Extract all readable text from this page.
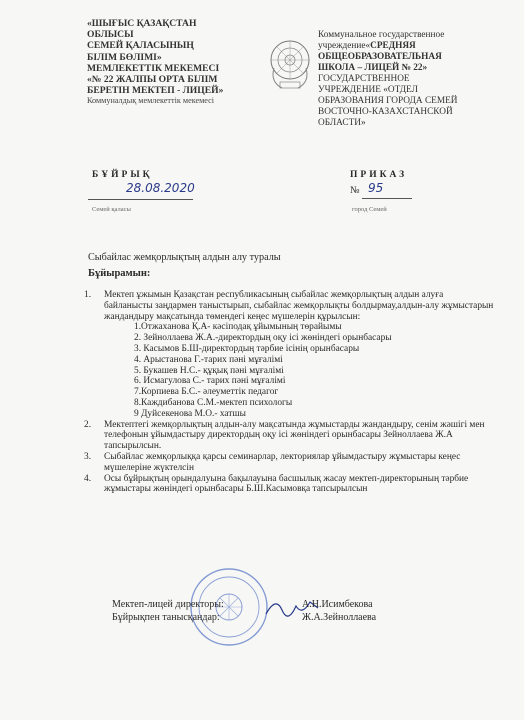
«ШЫҒЫС ҚАЗАҚСТАН
ОБЛЫСЫ
СЕМЕЙ ҚАЛАСЫНЫҢ
БІЛІМ БӨЛІМІ»
МЕМЛЕКЕТТІК МЕКЕМЕСІ
«№ 22 ЖАЛПЫ ОРТА БІЛІМ
БЕРЕТІН МЕКТЕП - ЛИЦЕЙ»
Коммуналдық мемлекеттік мекемесі
Коммунальное государственное учреждение«СРЕДНЯЯ
ОБЩЕОБРАЗОВАТЕЛЬНАЯ
ШКОЛА – ЛИЦЕЙ № 22»
ГОСУДАРСТВЕННОЕ
УЧРЕЖДЕНИЕ «ОТДЕЛ
ОБРАЗОВАНИЯ ГОРОДА СЕМЕЙ
ВОСТОЧНО-КАЗАХСТАНСКОЙ
ОБЛАСТИ»
БҰЙРЫҚ	ПРИКАЗ
28.08.2020	№ 95
Семей қаласы	город Семей
Сыбайлас жемқорлықтың алдын алу туралы
Бұйырамын:
1. Мектеп ұжымын Қазақстан республикасының сыбайлас жемқорлықтың алдын алуға байланысты заңдармен таныстырып, сыбайлас жемқорлықты болдырмау,алдын-алу жұмыстарын жандандыру мақсатында төмендегі кеңес мүшелерін құрылсын:
1.Отжаханова Қ.А- кәсіподақ ұйымының төрайымы
2. Зейноллаева Ж.А.-директордың оқу ісі жөніндегі орынбасары
3. Касымов Б.Ш-директордың тәрбие ісінің орынбасары
4. Арыстанова Г.-тарих пәні мұғалімі
5. Букашев Н.С.- құқық пәні мұғалімі
6. Исмагулова С.- тарих пәні мұғалімі
7.Корпиева Б.С.- әлеуметтік педагог
8.Каждибанова С.М.-мектеп психологы
9 Дуйсекенова М.О.- хатшы
2. Мектептегі жемқорлықтың алдын-алу мақсатында жұмыстарды жандандыру, сенім жәшігі мен телефонын ұйымдастыру директордың оқу ісі жөніндегі орынбасары Зейноллаева Ж.А тапсырылсын.
3. Сыбайлас жемқорлыққа қарсы семинарлар, лекториялар ұйымдастыру жұмыстары кеңес мүшелеріне жүктелсін
4. Осы бұйрықтың орындалуына бақылауына басшылық жасау мектеп-директорының тәрбие жұмыстары жөніндегі орынбасары Б.Ш.Касымовқа тапсырылсын
Мектеп-лицей директоры:	А.Н.Исимбекова
Бұйрықпен танысқандар:	Ж.А.Зейноллаева
